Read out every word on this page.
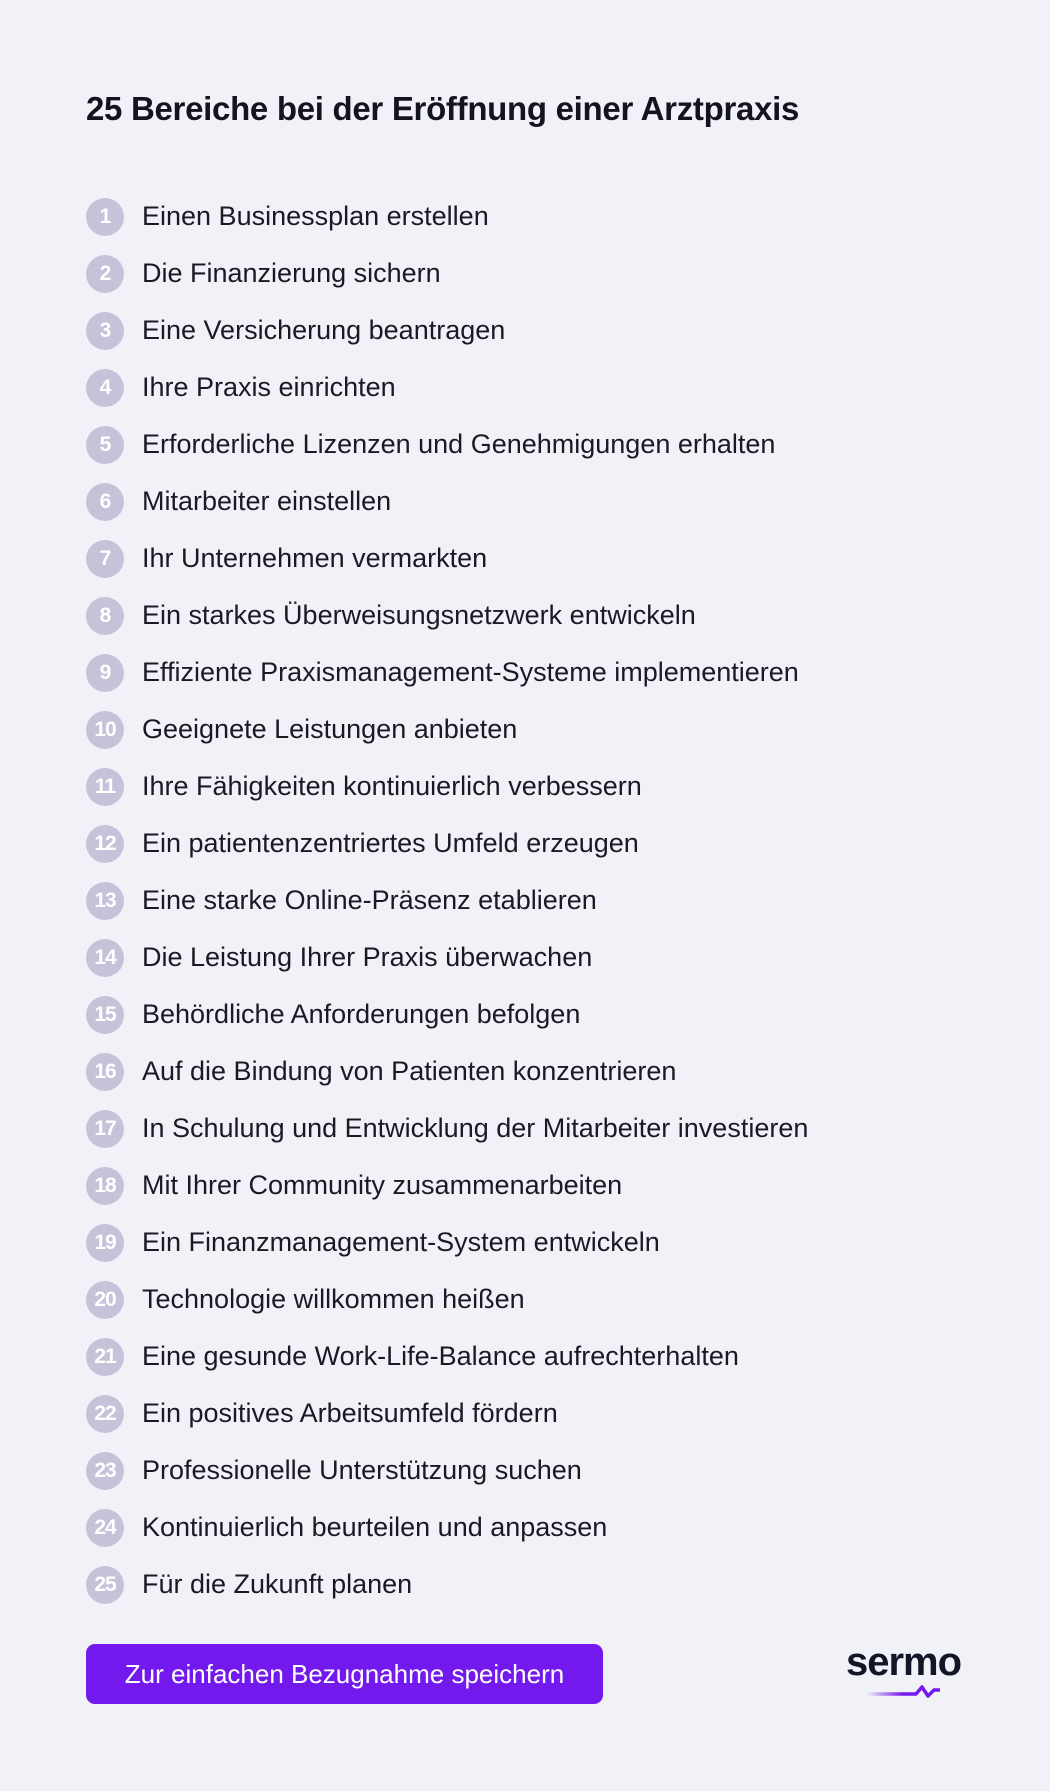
25 Bereiche bei der Eröffnung einer Arztpraxis
1	Einen Businessplan erstellen
2	Die Finanzierung sichern
3	Eine Versicherung beantragen
4	Ihre Praxis einrichten
5	Erforderliche Lizenzen und Genehmigungen erhalten
6	Mitarbeiter einstellen
7	Ihr Unternehmen vermarkten
8	Ein starkes Überweisungsnetzwerk entwickeln
9	Effiziente Praxismanagement-Systeme implementieren
10 Geeignete Leistungen anbieten
11 Ihre Fähigkeiten kontinuierlich verbessern
12 Ein patientenzentriertes Umfeld erzeugen
13 Eine starke Online-Präsenz etablieren
14 Die Leistung Ihrer Praxis überwachen
15 Behördliche Anforderungen befolgen
16 Auf die Bindung von Patienten konzentrieren
17 In Schulung und Entwicklung der Mitarbeiter investieren
18 Mit Ihrer Community zusammenarbeiten
19 Ein Finanzmanagement-System entwickeln
20 Technologie willkommen heißen
21 Eine gesunde Work-Life-Balance aufrechterhalten
22 Ein positives Arbeitsumfeld fördern
23 Professionelle Unterstützung suchen
24 Kontinuierlich beurteilen und anpassen
25 Für die Zukunft planen
Zur einfachen Bezugnahme speichern	sermo
